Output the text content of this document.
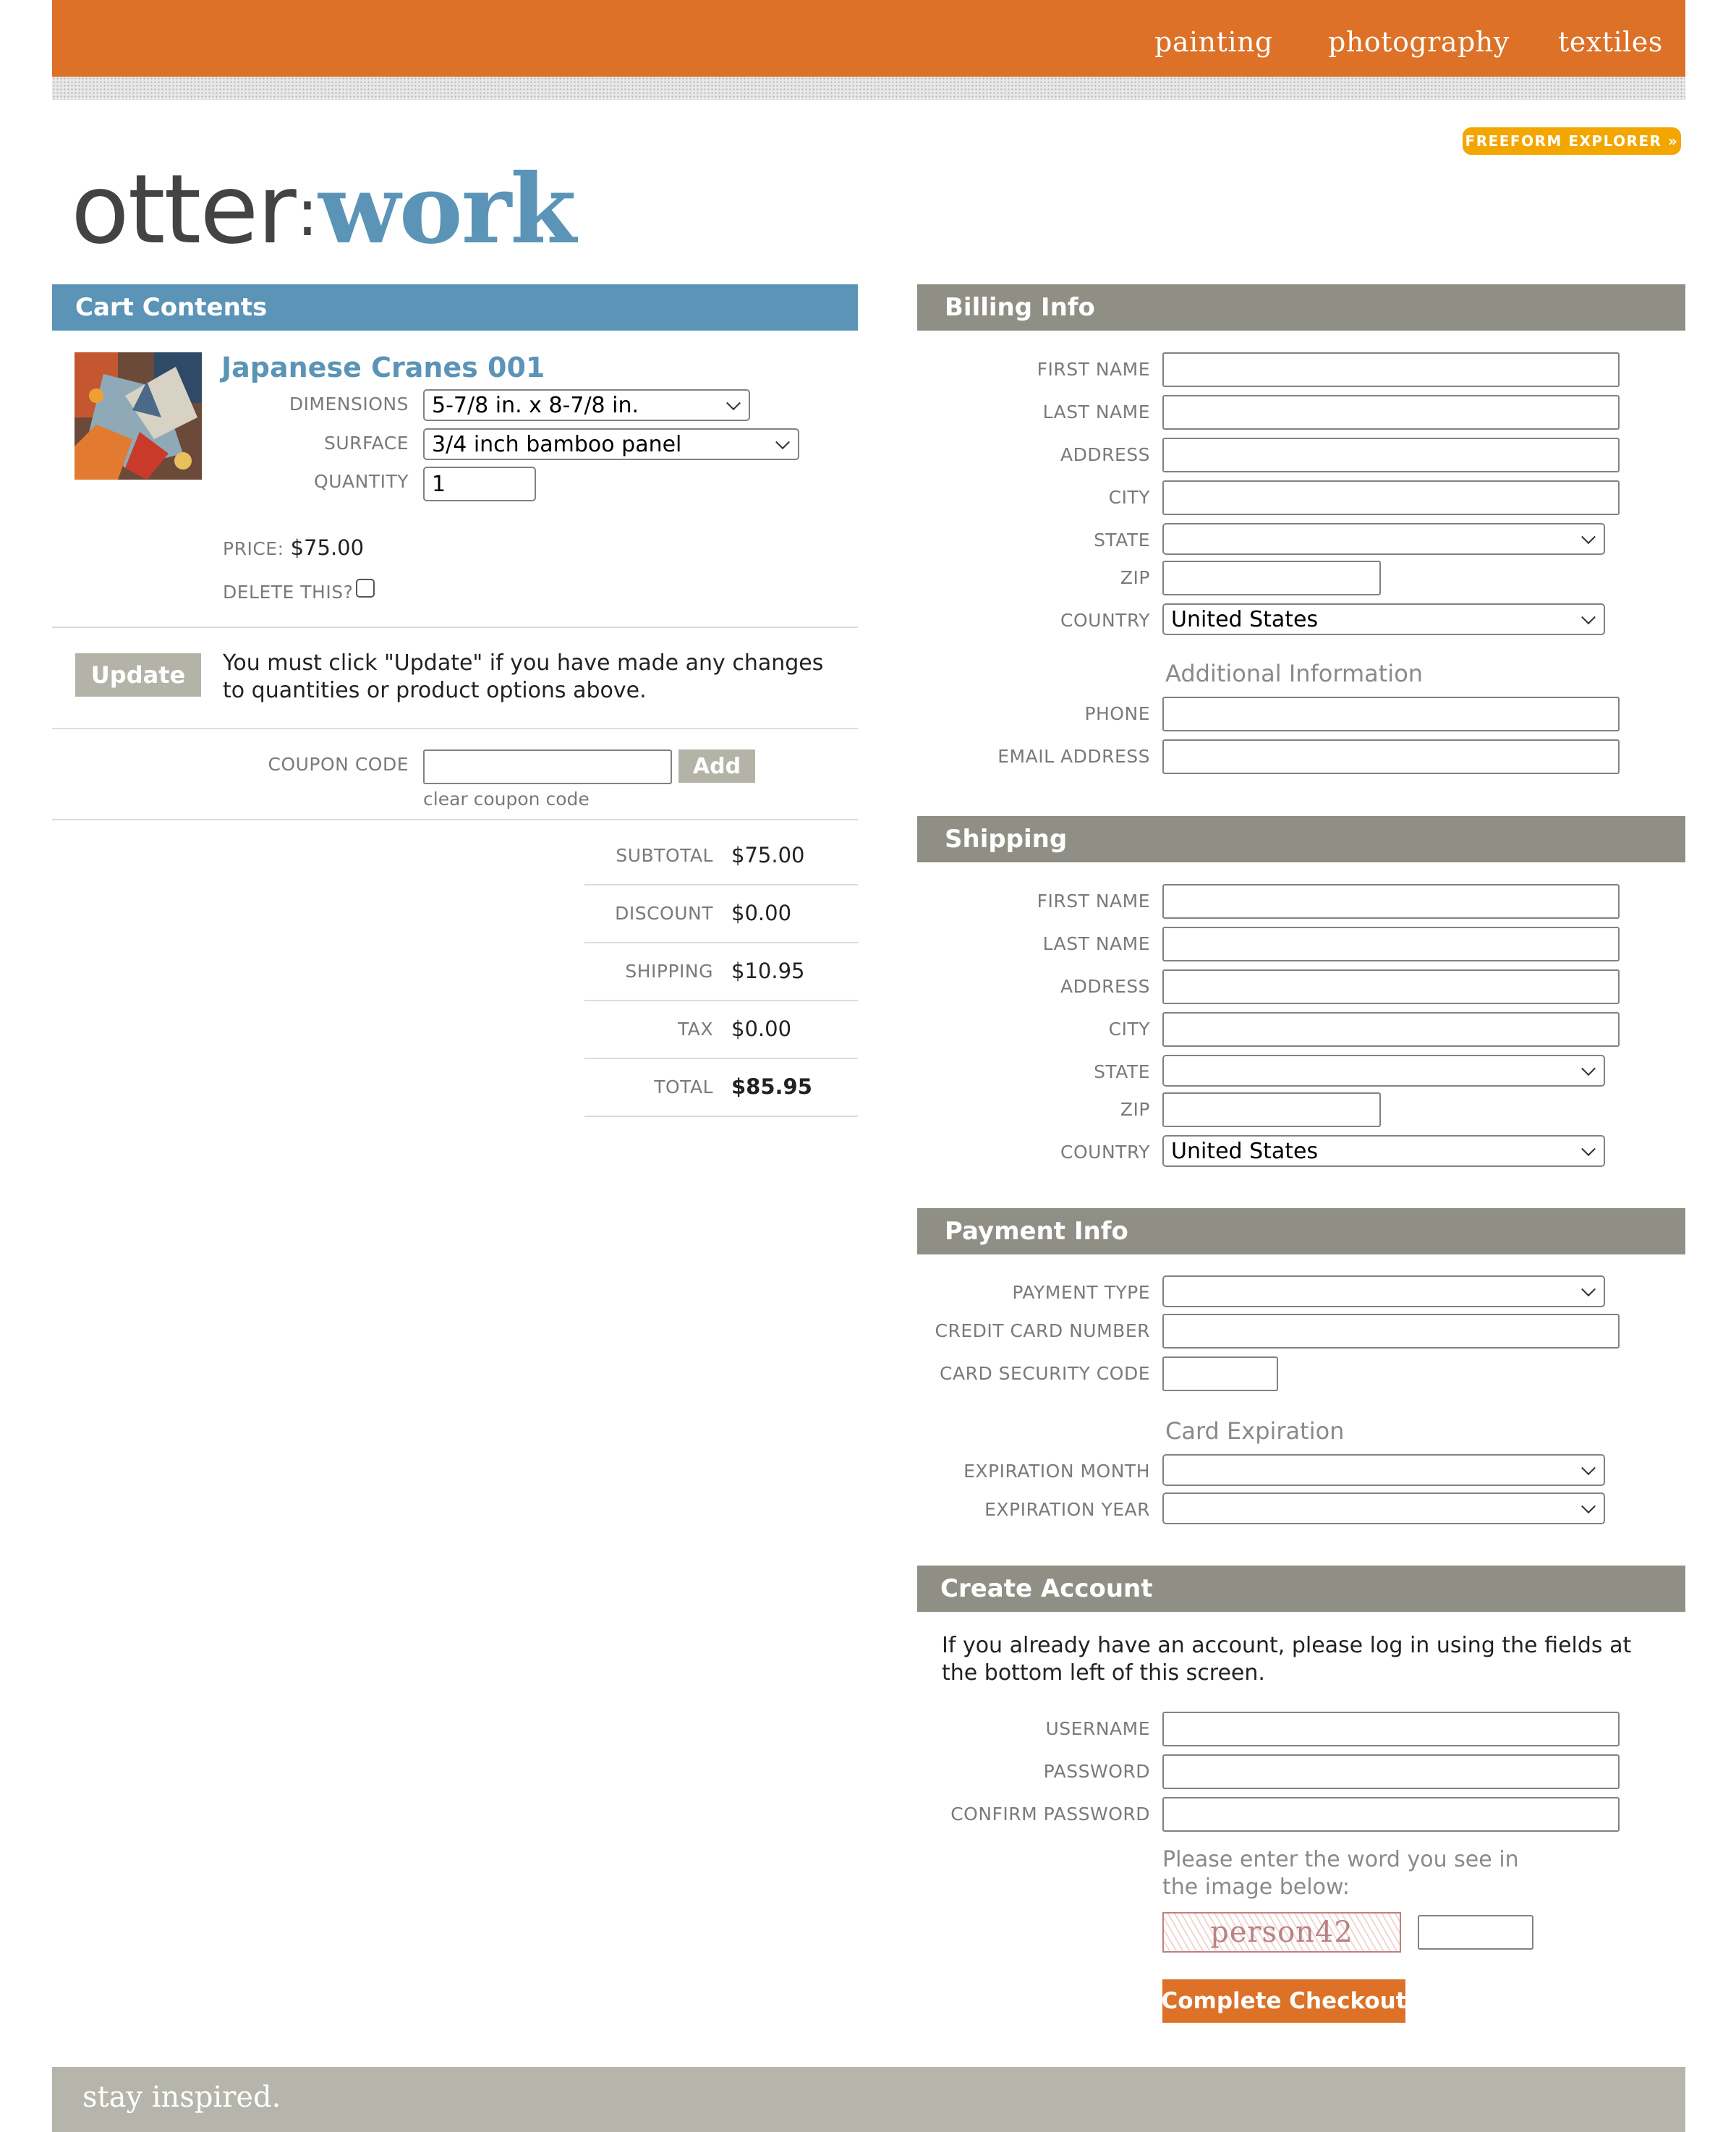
painting photography textiles
FREEFORM EXPLORER »
otter:work
Cart Contents
Japanese Cranes 001
DIMENSIONS 5-7/8 in. x 8-7/8 in.
SURFACE 3/4 inch bamboo panel
QUANTITY	1
PRICE: $75.00
DELETE THIS?
Update	You must click "Update" if you have made any changes to quantities or product options above.
COUPON CODE	Add
clear coupon code
SUBTOTAL $75.00
DISCOUNT $0.00
SHIPPING $10.95
TAX $0.00
TOTAL $85.95
Billing Info
FIRST NAME
LAST NAME
ADDRESS
CITY
STATE
ZIP
COUNTRY United States
Additional Information
PHONE
EMAIL ADDRESS
Shipping
FIRST NAME
LAST NAME
ADDRESS
CITY
STATE
ZIP
COUNTRY United States
Payment Info
PAYMENT TYPE
CREDIT CARD NUMBER
CARD SECURITY CODE
Card Expiration
EXPIRATION MONTH
EXPIRATION YEAR
Create Account
If you already have an account, please log in using the fields at the bottom left of this screen.
USERNAME
PASSWORD
CONFIRM PASSWORD
Please enter the word you see in the image below:
person42
Complete Checkout
stay inspired.
